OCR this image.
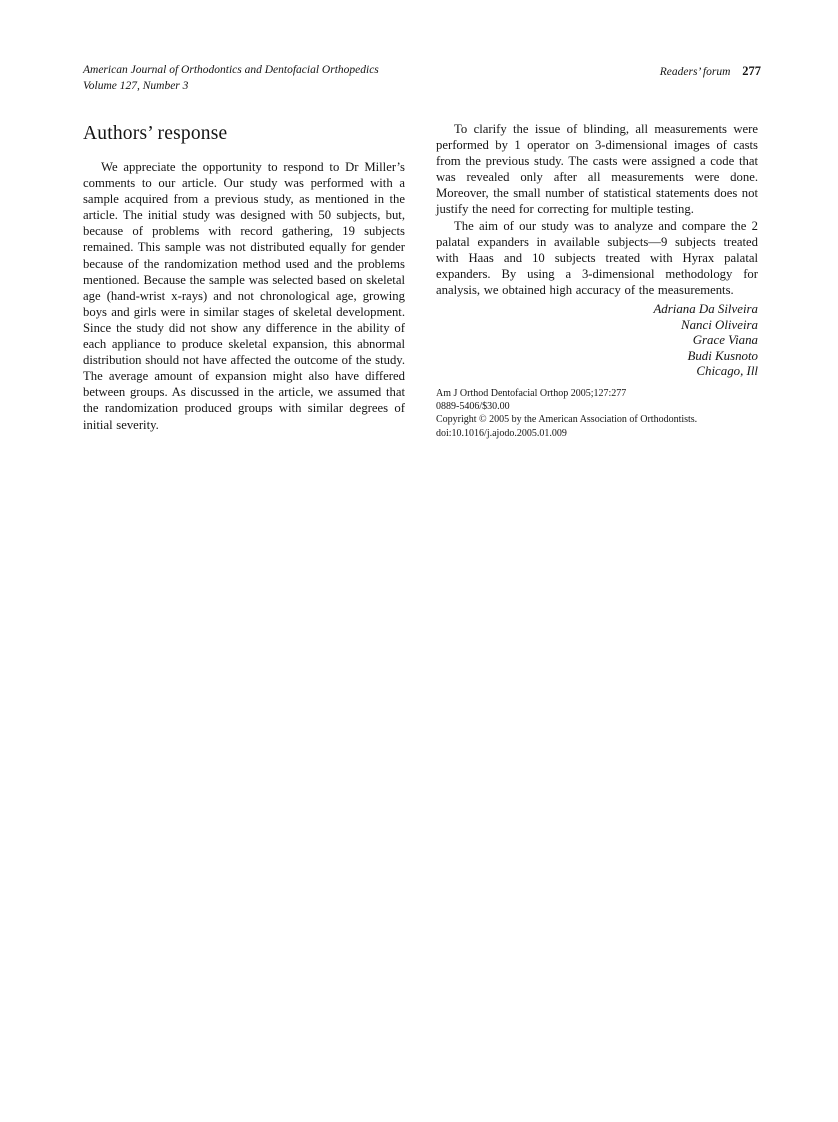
American Journal of Orthodontics and Dentofacial Orthopedics
Volume 127, Number 3
Readers’ forum 277
Authors’ response

We appreciate the opportunity to respond to Dr Miller’s comments to our article. Our study was performed with a sample acquired from a previous study, as mentioned in the article. The initial study was designed with 50 subjects, but, because of problems with record gathering, 19 subjects remained. This sample was not distributed equally for gender because of the randomization method used and the problems mentioned. Because the sample was selected based on skeletal age (hand-wrist x-rays) and not chronological age, growing boys and girls were in similar stages of skeletal development. Since the study did not show any difference in the ability of each appliance to produce skeletal expansion, this abnormal distribution should not have affected the outcome of the study. The average amount of expansion might also have differed between groups. As discussed in the article, we assumed that the randomization produced groups with similar degrees of initial severity.

To clarify the issue of blinding, all measurements were performed by 1 operator on 3-dimensional images of casts from the previous study. The casts were assigned a code that was revealed only after all measurements were done. Moreover, the small number of statistical statements does not justify the need for correcting for multiple testing.

The aim of our study was to analyze and compare the 2 palatal expanders in available subjects—9 subjects treated with Haas and 10 subjects treated with Hyrax palatal expanders. By using a 3-dimensional methodology for analysis, we obtained high accuracy of the measurements.

Adriana Da Silveira
Nanci Oliveira
Grace Viana
Budi Kusnoto
Chicago, Ill
Am J Orthod Dentofacial Orthop 2005;127:277
0889-5406/$30.00
Copyright © 2005 by the American Association of Orthodontists.
doi:10.1016/j.ajodo.2005.01.009
